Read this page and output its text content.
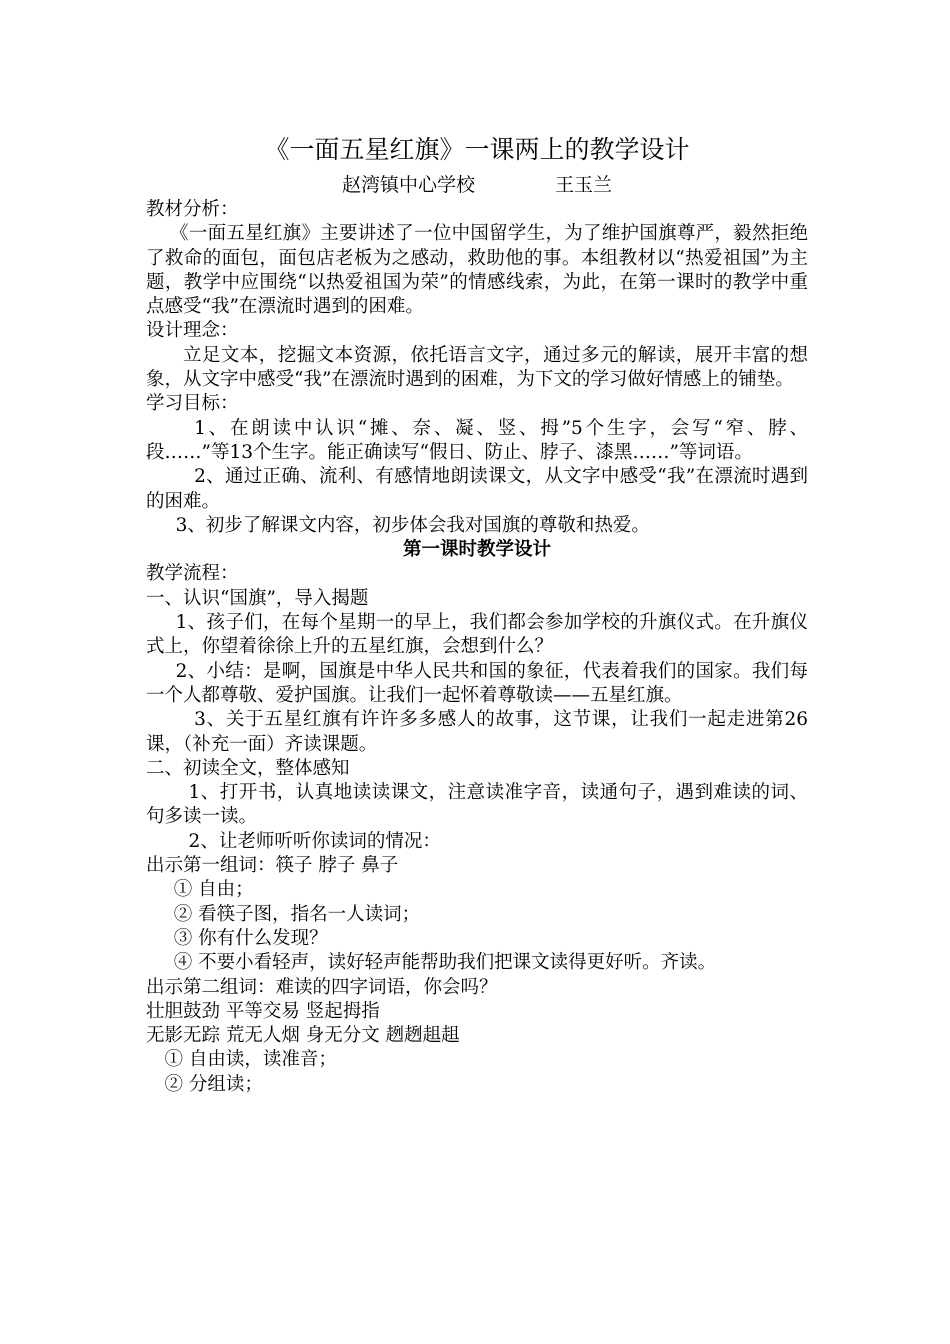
《一面五星红旗》一课两上的教学设计
赵湾镇中心学校	王玉兰

教材分析：

《一面五星红旗》主要讲述了一位中国留学生，为了维护国旗尊严，毅然拒绝了救命的面包，面包店老板为之感动，救助他的事。本组教材以“热爱祖国”为主题，教学中应围绕“以热爱祖国为荣”的情感线索，为此，在第一课时的教学中重点感受“我”在漂流时遇到的困难。

设计理念：

立足文本，挖掘文本资源，依托语言文字，通过多元的解读，展开丰富的想象，从文字中感受“我”在漂流时遇到的困难，为下文的学习做好情感上的铺垫。

学习目标：

1、在朗读中认识“摊、奈、凝、竖、拇”5个生字，会写“窄、脖、段……”等13个生字。能正确读写“假日、防止、脖子、漆黑……”等词语。

2、通过正确、流利、有感情地朗读课文，从文字中感受“我”在漂流时遇到的困难。

3、初步了解课文内容，初步体会我对国旗的尊敬和热爱。

第一课时教学设计

教学流程：

一、认识“国旗”，导入揭题

1、孩子们，在每个星期一的早上，我们都会参加学校的升旗仪式。在升旗仪式上，你望着徐徐上升的五星红旗，会想到什么？

2、小结：是啊，国旗是中华人民共和国的象征，代表着我们的国家。我们每一个人都尊敬、爱护国旗。让我们一起怀着尊敬读——五星红旗。

3、关于五星红旗有许许多多感人的故事，这节课，让我们一起走进第26课，（补充一面）齐读课题。

二、初读全文，整体感知

1、打开书，认真地读读课文，注意读准字音，读通句子，遇到难读的词、句多读一读。

2、让老师听听你读词的情况：

出示第一组词：筷子 脖子 鼻子

① 自由；

② 看筷子图，指名一人读词；

③ 你有什么发现？

④ 不要小看轻声，读好轻声能帮助我们把课文读得更好听。齐读。

出示第二组词：难读的四字词语，你会吗？

壮胆鼓劲 平等交易 竖起拇指

无影无踪 荒无人烟 身无分文 趔趔趄趄

① 自由读，读准音；

② 分组读；
